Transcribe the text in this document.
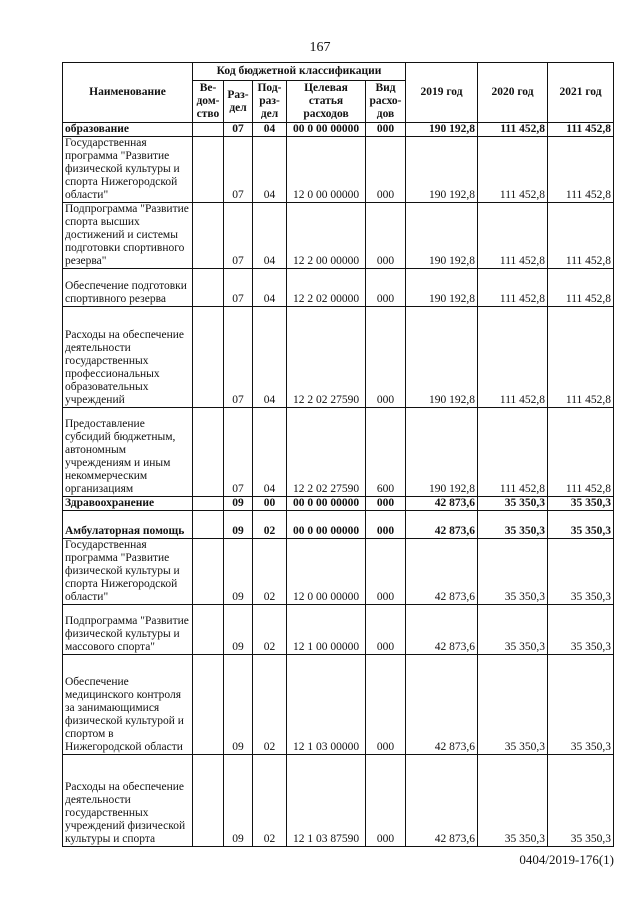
167
Наименование	Код бюджетной классификации					2019 год	2020 год	2021 год
	Ве-дом-ство	Раз-дел	Под-раз-дел	Целевая статья расходов	Вид расхо-дов			
образование		07	04	00 0 00 00000	000	190 192,8	111 452,8	111 452,8
Государственная программа "Развитие физической культуры и спорта Нижегородской области"		07	04	12 0 00 00000	000	190 192,8	111 452,8	111 452,8
Подпрограмма "Развитие спорта высших достижений и системы подготовки спортивного резерва"		07	04	12 2 00 00000	000	190 192,8	111 452,8	111 452,8
Обеспечение подготовки спортивного резерва		07	04	12 2 02 00000	000	190 192,8	111 452,8	111 452,8
Расходы на обеспечение деятельности государственных профессиональных образовательных учреждений		07	04	12 2 02 27590	000	190 192,8	111 452,8	111 452,8
Предоставление субсидий бюджетным, автономным учреждениям и иным некоммерческим организациям		07	04	12 2 02 27590	600	190 192,8	111 452,8	111 452,8
Здравоохранение		09	00	00 0 00 00000	000	42 873,6	35 350,3	35 350,3
Амбулаторная помощь		09	02	00 0 00 00000	000	42 873,6	35 350,3	35 350,3
Государственная программа "Развитие физической культуры и спорта Нижегородской области"		09	02	12 0 00 00000	000	42 873,6	35 350,3	35 350,3
Подпрограмма "Развитие физической культуры и массового спорта"		09	02	12 1 00 00000	000	42 873,6	35 350,3	35 350,3
Обеспечение медицинского контроля за занимающимися физической культурой и спортом в Нижегородской области		09	02	12 1 03 00000	000	42 873,6	35 350,3	35 350,3
Расходы на обеспечение деятельности государственных учреждений физической культуры и спорта		09	02	12 1 03 87590	000	42 873,6	35 350,3	35 350,3
0404/2019-176(1)
